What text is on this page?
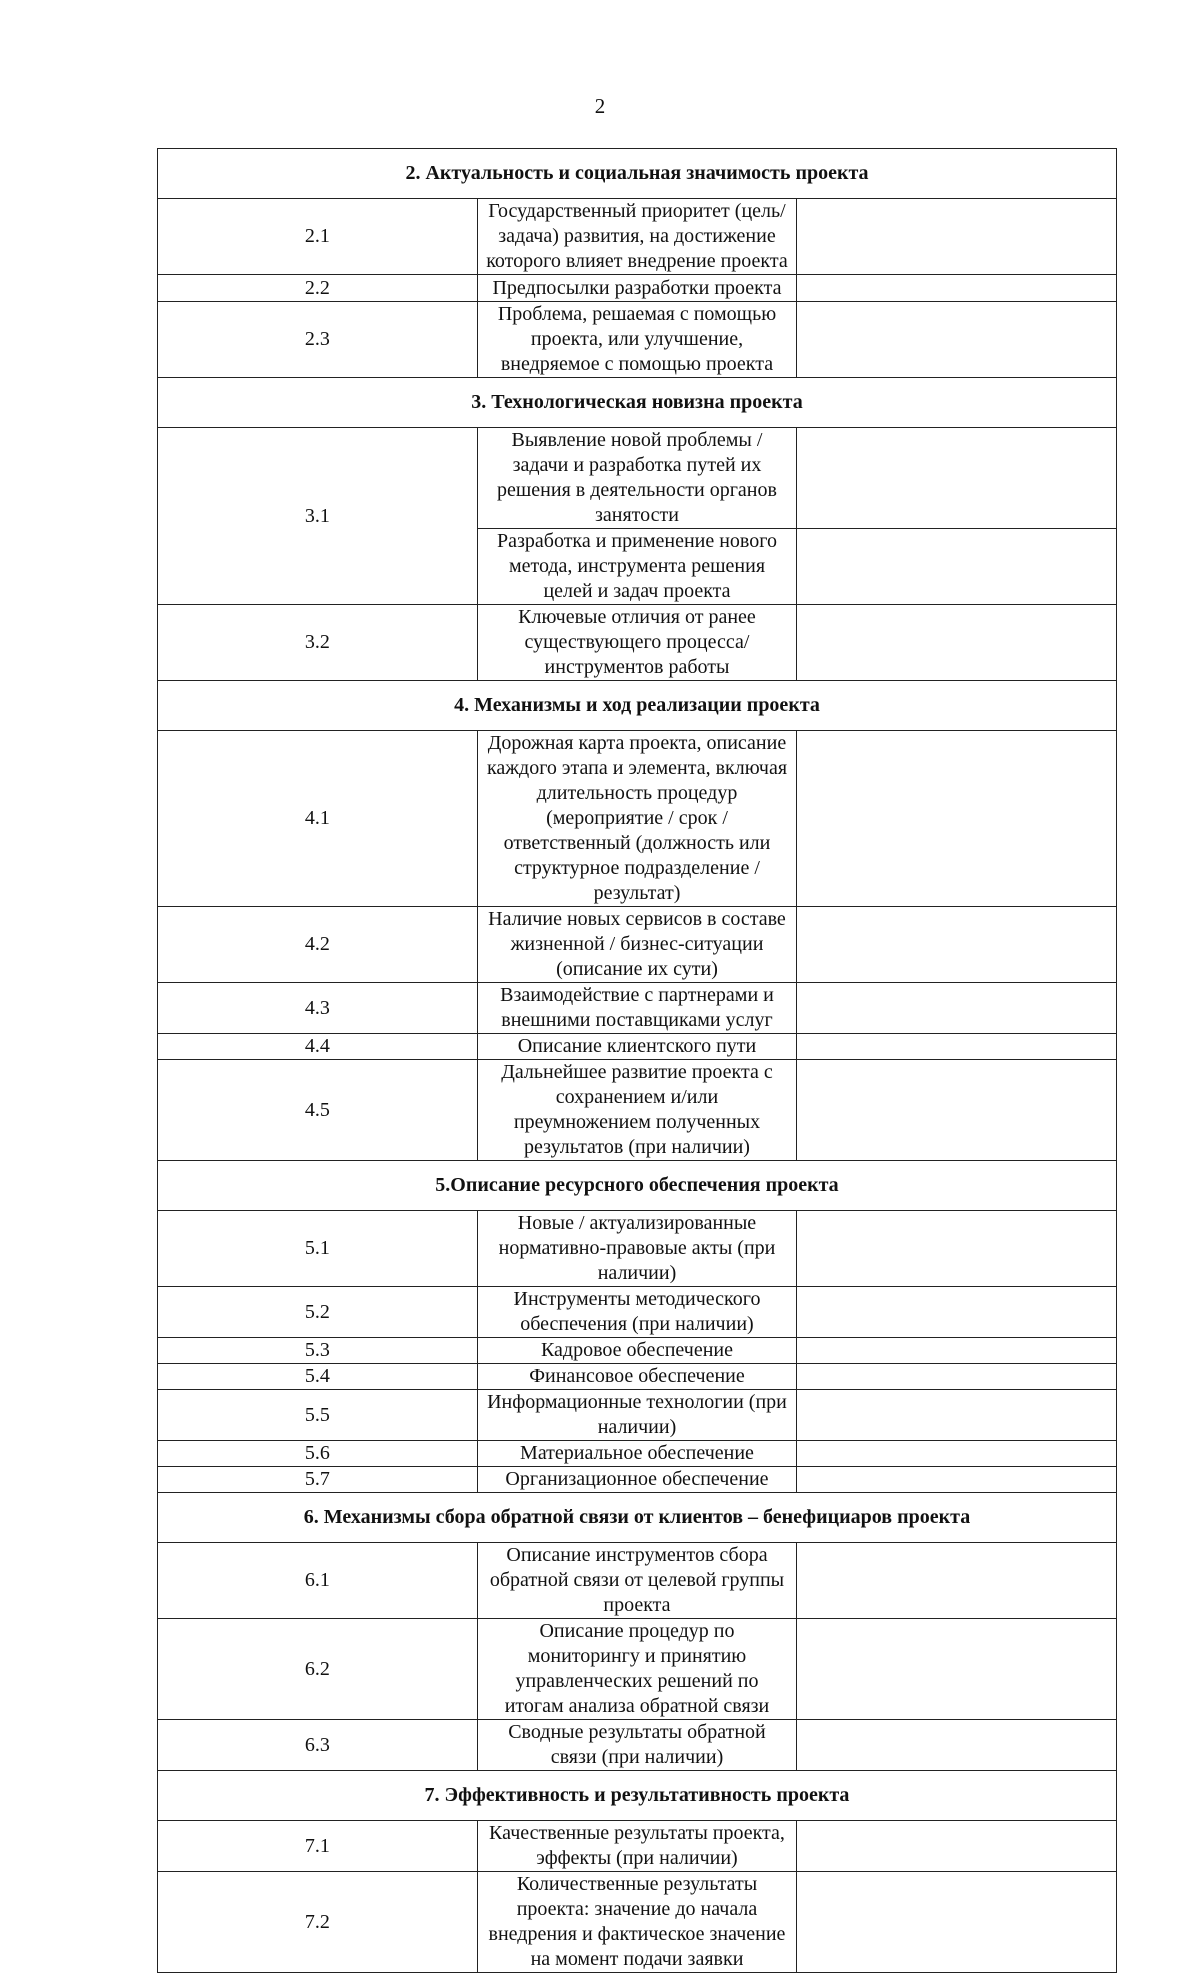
2
2. Актуальность и социальная значимость проекта		
2.1	Государственный приоритет (цель/задача) развития, на достижение которого влияет внедрение проекта	
2.2	Предпосылки разработки проекта	
2.3	Проблема, решаемая с помощью проекта, или улучшение, внедряемое с помощью проекта	
3. Технологическая новизна проекта		
3.1	Выявление новой проблемы / задачи и разработка путей их решения в деятельности органов занятости	
	Разработка и применение нового метода, инструмента решения целей и задач проекта	
3.2	Ключевые отличия от ранее существующего процесса/инструментов работы	
4. Механизмы и ход реализации проекта		
4.1	Дорожная карта проекта, описание каждого этапа и элемента, включая длительность процедур (мероприятие / срок / ответственный (должность или структурное подразделение / результат)	
4.2	Наличие новых сервисов в составе жизненной / бизнес-ситуации (описание их сути)	
4.3	Взаимодействие с партнерами и внешними поставщиками услуг	
4.4	Описание клиентского пути	
4.5	Дальнейшее развитие проекта с сохранением и/или преумножением полученных результатов (при наличии)	
5.Описание ресурсного обеспечения проекта		
5.1	Новые / актуализированные нормативно-правовые акты (при наличии)	
5.2	Инструменты методического обеспечения (при наличии)	
5.3	Кадровое обеспечение	
5.4	Финансовое обеспечение	
5.5	Информационные технологии (при наличии)	
5.6	Материальное обеспечение	
5.7	Организационное обеспечение	
6. Механизмы сбора обратной связи от клиентов – бенефициаров проекта		
6.1	Описание инструментов сбора обратной связи от целевой группы проекта	
6.2	Описание процедур по мониторингу и принятию управленческих решений по итогам анализа обратной связи	
6.3	Сводные результаты обратной связи (при наличии)	
7. Эффективность и результативность проекта		
7.1	Качественные результаты проекта, эффекты (при наличии)	
7.2	Количественные результаты проекта: значение до начала внедрения и фактическое значение на момент подачи заявки	
